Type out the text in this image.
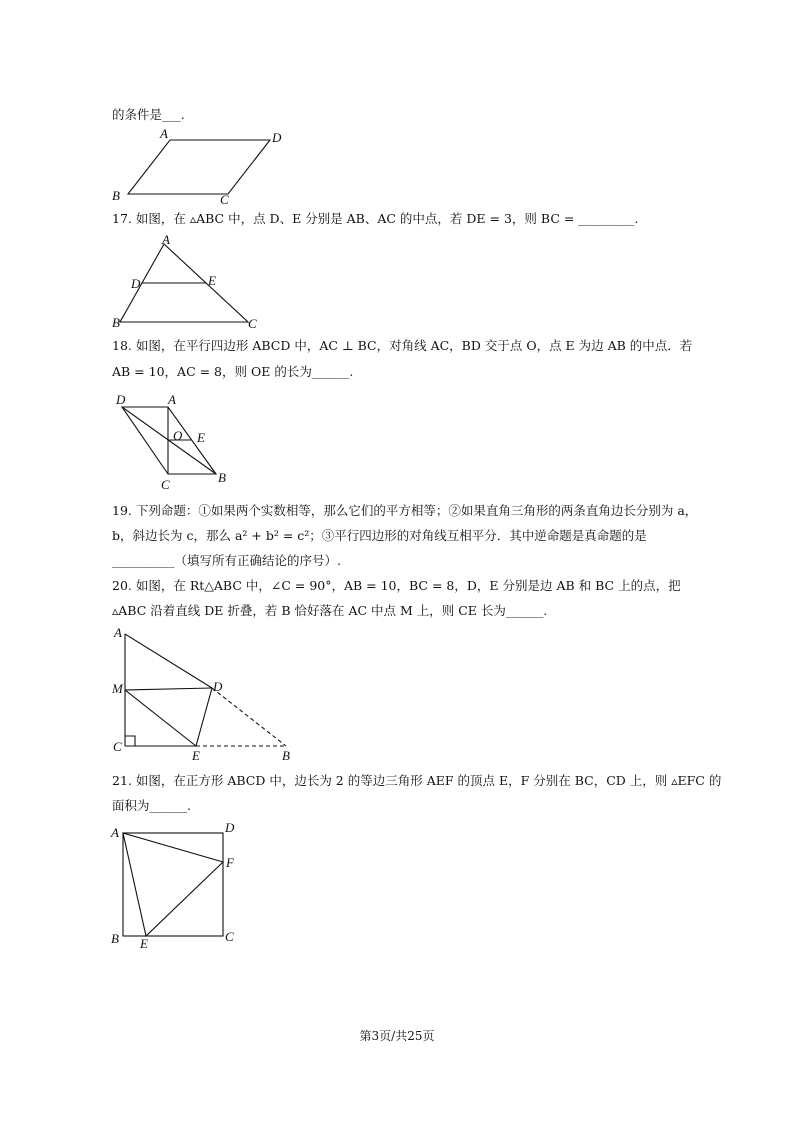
的条件是___.
A	D
B	C
17. 如图，在 ▵ABC 中，点 D、E 分别是 AB、AC 的中点，若 DE = 3，则 BC = _________.
A
D	E
B	C
18. 如图，在平行四边形 ABCD 中，AC ⊥ BC，对角线 AC，BD 交于点 O，点 E 为边 AB 的中点．若
AB = 10，AC = 8，则 OE 的长为______.
D	A
O E
B
C
19. 下列命题：①如果两个实数相等，那么它们的平方相等；②如果直角三角形的两条直角边长分别为 a，
b，斜边长为 c，那么 a² + b² = c²；③平行四边形的对角线互相平分．其中逆命题是真命题的是
__________（填写所有正确结论的序号）.
20. 如图，在 Rt△ABC 中，∠C = 90°，AB = 10，BC = 8，D，E 分别是边 AB 和 BC 上的点，把
▵ABC 沿着直线 DE 折叠，若 B 恰好落在 AC 中点 M 上，则 CE 长为______.
A
M	D
C
E	B
21. 如图，在正方形 ABCD 中，边长为 2 的等边三角形 AEF 的顶点 E，F 分别在 BC，CD 上，则 ▵EFC 的
面积为______.
A	D
F
B E	C
第3页/共25页
